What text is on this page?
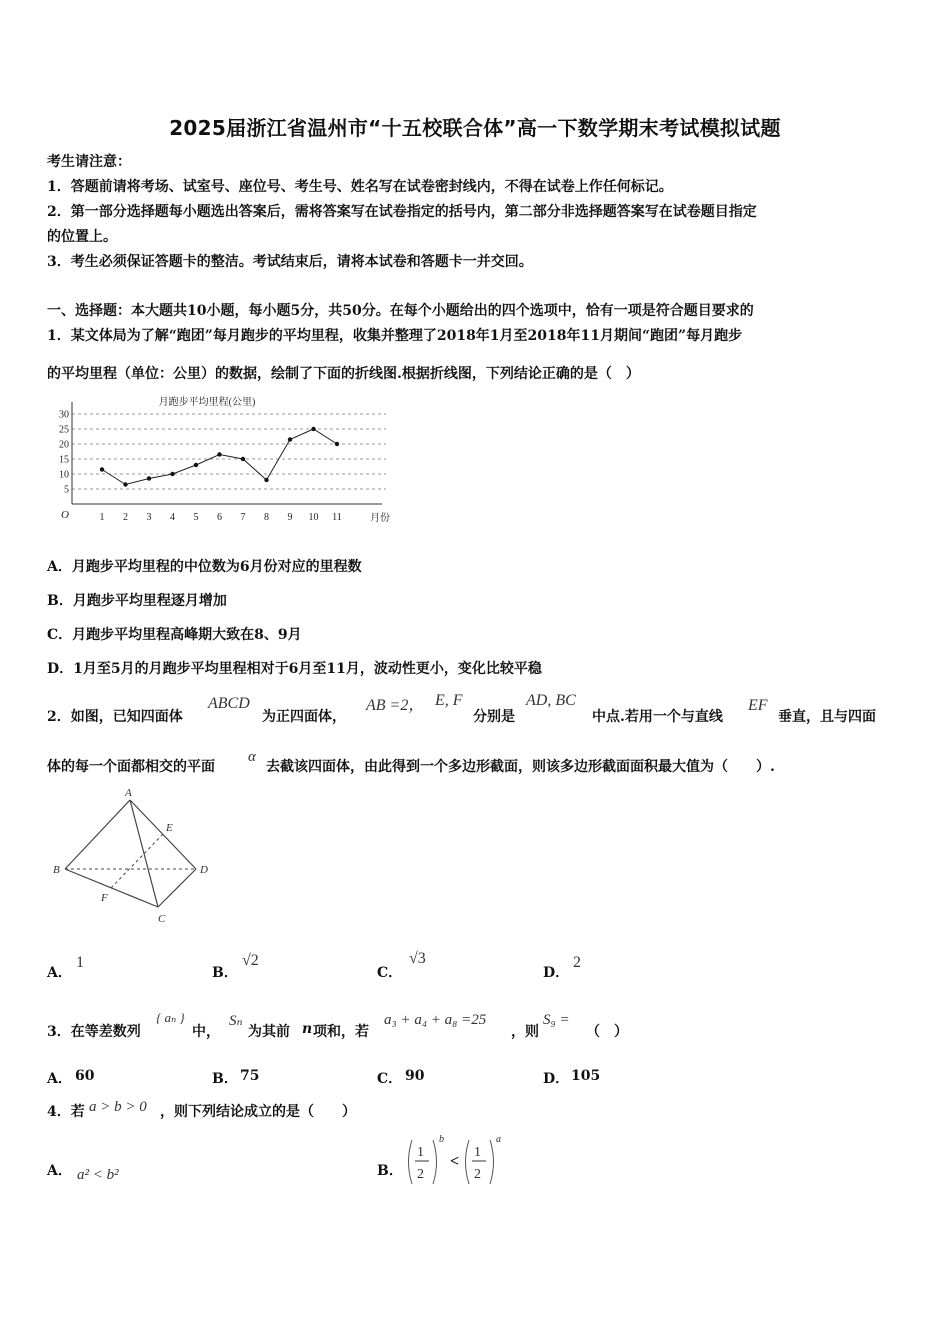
2025届浙江省温州市“十五校联合体”高一下数学期末考试模拟试题
考生请注意：
1．答题前请将考场、试室号、座位号、考生号、姓名写在试卷密封线内，不得在试卷上作任何标记。
2．第一部分选择题每小题选出答案后，需将答案写在试卷指定的括号内，第二部分非选择题答案写在试卷题目指定
的位置上。
3．考生必须保证答题卡的整洁。考试结束后，请将本试卷和答题卡一并交回。
一、选择题：本大题共10小题，每小题5分，共50分。在每个小题给出的四个选项中，恰有一项是符合题目要求的
1．某文体局为了解“跑团”每月跑步的平均里程，收集并整理了2018年1月至2018年11月期间“跑团”每月跑步
的平均里程（单位：公里）的数据，绘制了下面的折线图.根据折线图，下列结论正确的是（　）
月跑步平均里程(公里)
O	月份
5
10
15
20
25
30
1 2 3 4 5 6 7 8 9 10 11
A．月跑步平均里程的中位数为6月份对应的里程数
B．月跑步平均里程逐月增加
C．月跑步平均里程高峰期大致在8、9月
D．1月至5月的月跑步平均里程相对于6月至11月，波动性更小，变化比较平稳
2．如图，已知四面体
ABCD
为正四面体，
AB =2， E, F
分别是
AD, BC
中点.若用一个与直线
EF
垂直，且与四面
体的每一个面都相交的平面
α
去截该四面体，由此得到一个多边形截面，则该多边形截面面积最大值为（　　）.
A
B
C
D
E
F
A．
1
B．
√2
C．
√3
D．
2
3．在等差数列
{ aₙ }
中，
Sₙ
为其前 n 项和，若
a₃ + a₄ + a₈ =25
，则
S₉ =
（　）
A． 60	B． 75	C． 90	D． 105
4．若 a > b > 0 ，则下列结论成立的是（　　）
A． a² < b²	B．
1
2
b
<
1
2
a
